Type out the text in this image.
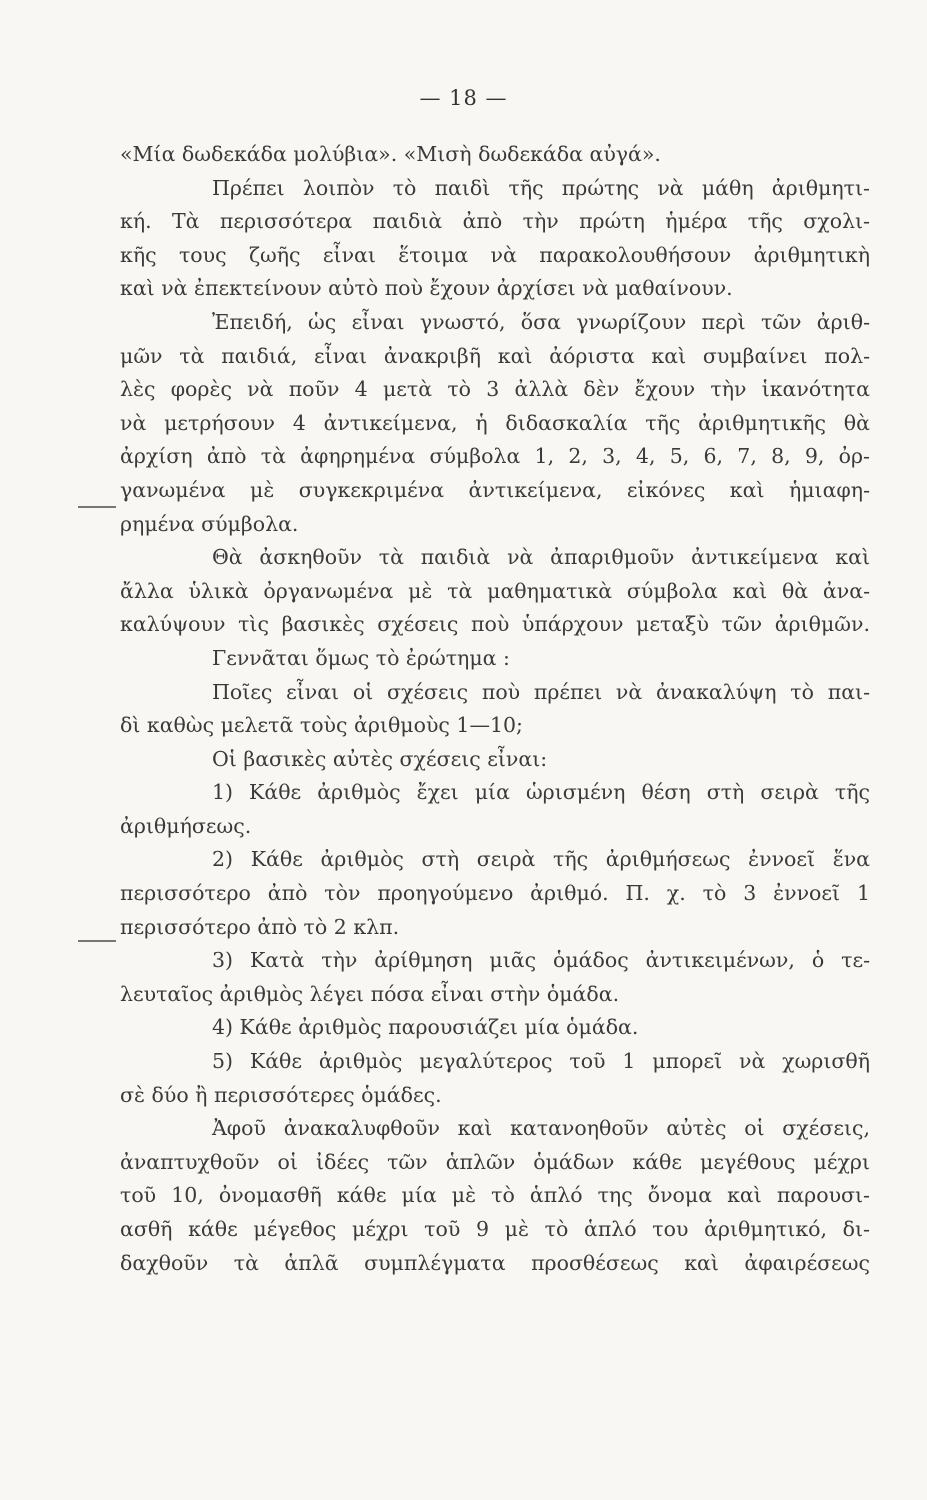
— 18 —
«Μία δωδεκάδα μολύβια». «Μισὴ δωδεκάδα αὐγά».
Πρέπει λοιπὸν τὸ παιδὶ τῆς πρώτης νὰ μάθη ἀριθμητι-
κή. Τὰ περισσότερα παιδιὰ ἀπὸ τὴν πρώτη ἡμέρα τῆς σχολι-
κῆς τους ζωῆς εἶναι ἕτοιμα νὰ παρακολουθήσουν ἀριθμητικὴ
καὶ νὰ ἐπεκτείνουν αὐτὸ ποὺ ἔχουν ἀρχίσει νὰ μαθαίνουν.
Ἐπειδή, ὡς εἶναι γνωστό, ὅσα γνωρίζουν περὶ τῶν ἀριθ-
μῶν τὰ παιδιά, εἶναι ἀνακριβῆ καὶ ἀόριστα καὶ συμβαίνει πολ-
λὲς φορὲς νὰ ποῦν 4 μετὰ τὸ 3 ἀλλὰ δὲν ἔχουν τὴν ἱκανότητα
νὰ μετρήσουν 4 ἀντικείμενα, ἡ διδασκαλία τῆς ἀριθμητικῆς θὰ
ἀρχίση ἀπὸ τὰ ἀφηρημένα σύμβολα 1, 2, 3, 4, 5, 6, 7, 8, 9, ὀρ-
γανωμένα μὲ συγκεκριμένα ἀντικείμενα, εἰκόνες καὶ ἡμιαφη-
ρημένα σύμβολα.
Θὰ ἀσκηθοῦν τὰ παιδιὰ νὰ ἀπαριθμοῦν ἀντικείμενα καὶ
ἄλλα ὑλικὰ ὀργανωμένα μὲ τὰ μαθηματικὰ σύμβολα καὶ θὰ ἀνα-
καλύψουν τὶς βασικὲς σχέσεις ποὺ ὑπάρχουν μεταξὺ τῶν ἀριθμῶν.
Γεννᾶται ὅμως τὸ ἐρώτημα :
Ποῖες εἶναι οἱ σχέσεις ποὺ πρέπει νὰ ἀνακαλύψη τὸ παι-
δὶ καθὼς μελετᾶ τοὺς ἀριθμοὺς 1—10;
Οἱ βασικὲς αὐτὲς σχέσεις εἶναι:
1) Κάθε ἀριθμὸς ἔχει μία ὡρισμένη θέση στὴ σειρὰ τῆς
ἀριθμήσεως.
2) Κάθε ἀριθμὸς στὴ σειρὰ τῆς ἀριθμήσεως ἐννοεῖ ἕνα
περισσότερο ἀπὸ τὸν προηγούμενο ἀριθμό. Π. χ. τὸ 3 ἐννοεῖ 1
περισσότερο ἀπὸ τὸ 2 κλπ.
3) Κατὰ τὴν ἀρίθμηση μιᾶς ὁμάδος ἀντικειμένων, ὁ τε-
λευταῖος ἀριθμὸς λέγει πόσα εἶναι στὴν ὁμάδα.
4) Κάθε ἀριθμὸς παρουσιάζει μία ὁμάδα.
5) Κάθε ἀριθμὸς μεγαλύτερος τοῦ 1 μπορεῖ νὰ χωρισθῆ
σὲ δύο ἢ περισσότερες ὁμάδες.
Ἀφοῦ ἀνακαλυφθοῦν καὶ κατανοηθοῦν αὐτὲς οἱ σχέσεις,
ἀναπτυχθοῦν οἱ ἰδέες τῶν ἁπλῶν ὁμάδων κάθε μεγέθους μέχρι
τοῦ 10, ὀνομασθῆ κάθε μία μὲ τὸ ἁπλό της ὄνομα καὶ παρουσι-
ασθῆ κάθε μέγεθος μέχρι τοῦ 9 μὲ τὸ ἁπλό του ἀριθμητικό, δι-
δαχθοῦν τὰ ἁπλᾶ συμπλέγματα προσθέσεως καὶ ἀφαιρέσεως
